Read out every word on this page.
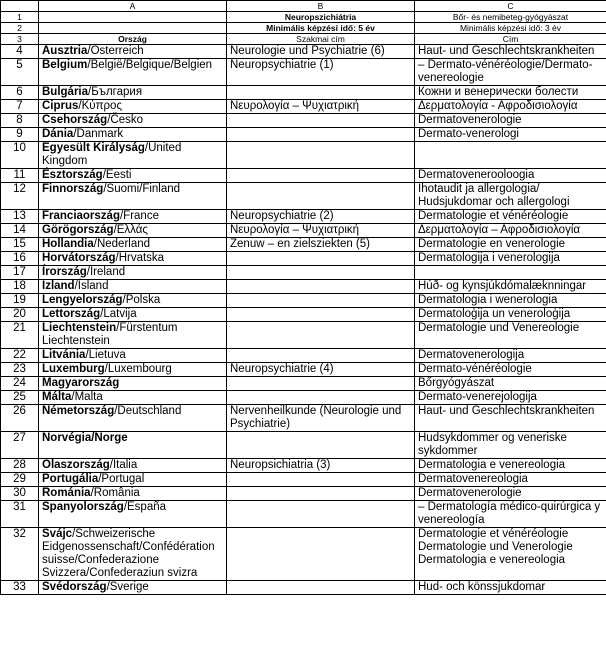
	A	B	C
1		Neuropszichiátria	Bőr- és nemibeteg-gyógyászat
2		Minimális képzési idő: 5 év	Minimális képzési idő: 3 év
3	Ország	Szakmai cím	Cím
4	Ausztria/Österreich	Neurologie und Psychiatrie (6)	Haut- und Geschlechtskrankheiten
5	Belgium/België/Belgique/Belgien	Neuropsychiatrie (1)	– Dermato-vénéréologie/Dermato-venereologie
6	Bulgária/България		Кожни и венерически болести
7	Ciprus/Κύπρος	Νευρολογία – Ψυχιατρική	Δερματολογία - Αφροδισιολογία
8	Csehország/Česko		Dermatovenerologie
9	Dánia/Danmark		Dermato-venerologi
10	Egyesült Királyság/United Kingdom		
11	Észtország/Eesti		Dermatovenerooloogia
12	Finnország/Suomi/Finland		Ihotaudit ja allergologia/ Hudsjukdomar och allergologi
13	Franciaország/France	Neuropsychiatrie (2)	Dermatologie et vénéréologie
14	Görögország/Ελλάς	Νευρολογία – Ψυχιατρική	Δερματολογία – Αφροδισιολογία
15	Hollandia/Nederland	Zenuw – en zielsziekten (5)	Dermatologie en venerologie
16	Horvátország/Hrvatska		Dermatologija i venerologija
17	Írország/Ireland		
18	Izland/Ísland		Húð- og kynsjúkdómalæknningar
19	Lengyelország/Polska		Dermatologia i wenerologia
20	Lettország/Latvija		Dermatoloģija un veneroloģija
21	Liechtenstein/Fürstentum Liechtenstein		Dermatologie und Venereologie
22	Litvánia/Lietuva		Dermatovenerologija
23	Luxemburg/Luxembourg	Neuropsychiatrie (4)	Dermato-vénéréologie
24	Magyarország		Bőrgyógyászat
25	Málta/Malta		Dermato-venerejologija
26	Németország/Deutschland	Nervenheilkunde (Neurologie und Psychiatrie)	Haut- und Geschlechtskrankheiten
27	Norvégia/Norge		Hudsykdommer og veneriske sykdommer
28	Olaszország/Italia	Neuropsichiatria (3)	Dermatologia e venereologia
29	Portugália/Portugal		Dermatovenereologia
30	Románia/România		Dermatovenerologie
31	Spanyolország/España		– Dermatología médico-quirúrgica y venereología
32	Svájc/Schweizerische Eidgenossenschaft/Confédération suisse/Confederazione Svizzera/Confederaziun svizra		Dermatologie et vénéréologie
Dermatologie und Venerologie
Dermatologia e venereologia
33	Svédország/Sverige		Hud- och könssjukdomar
